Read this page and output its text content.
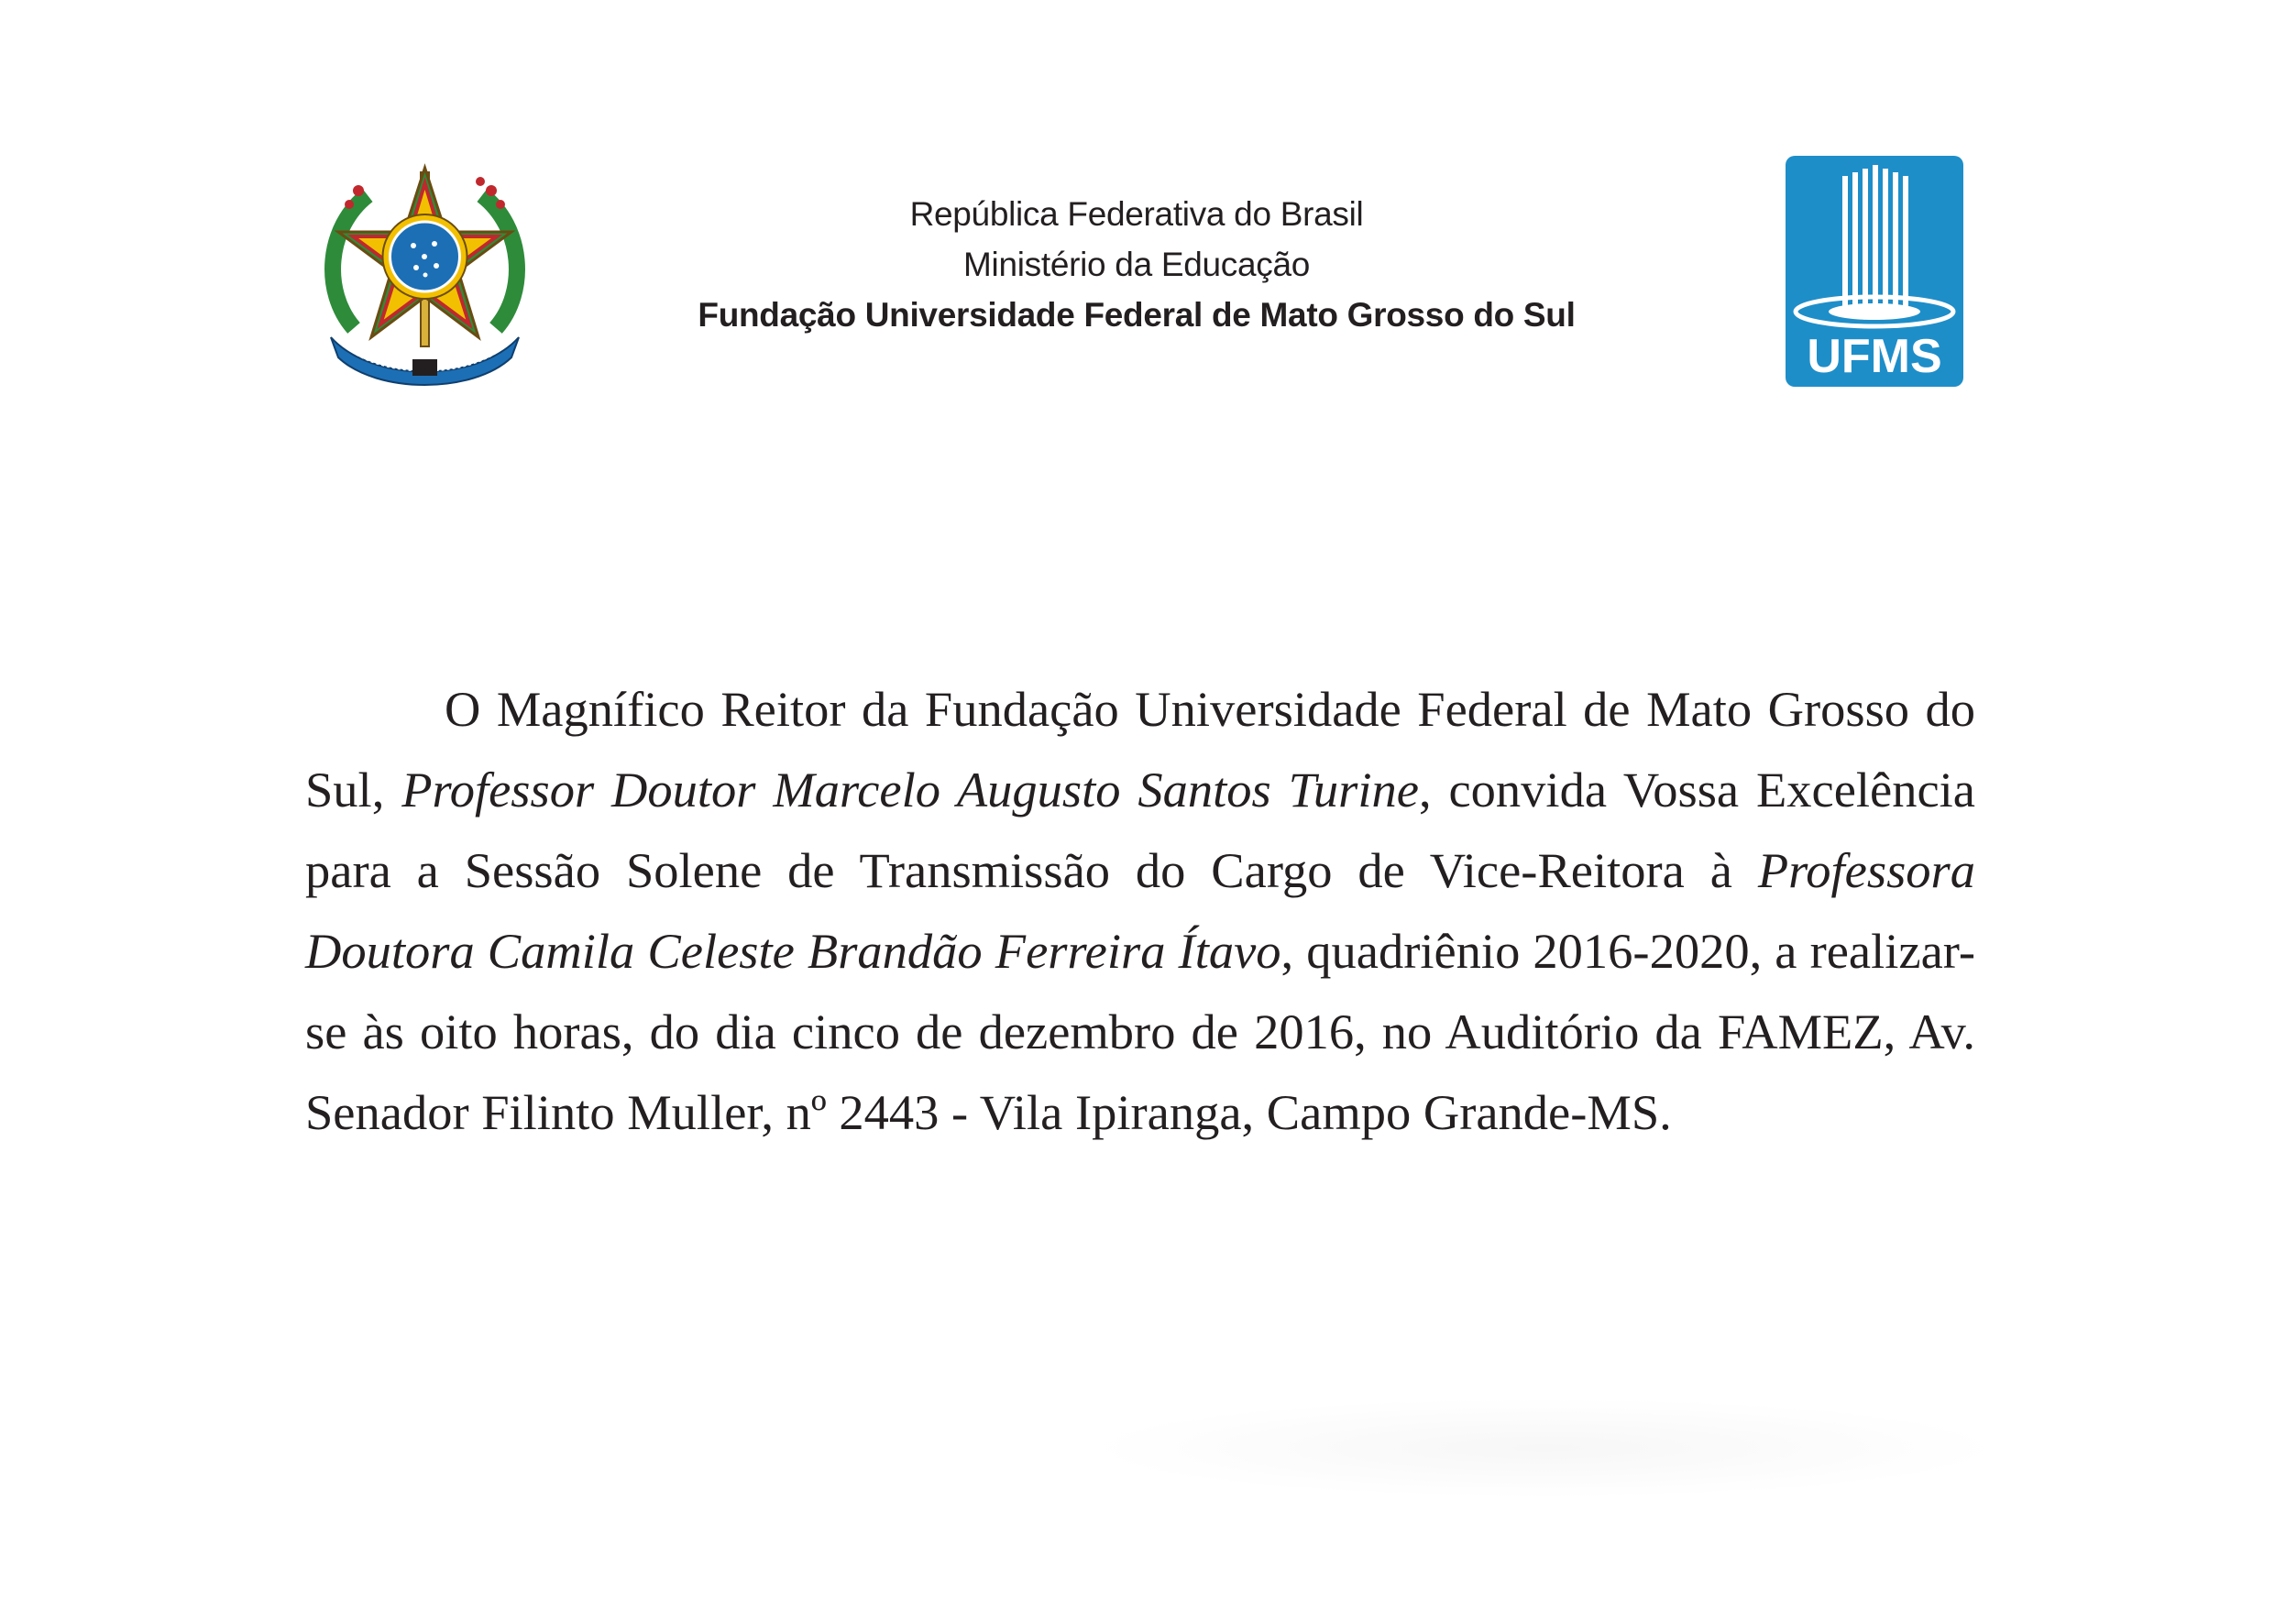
República Federativa do Brasil
Ministério da Educação
Fundação Universidade Federal de Mato Grosso do Sul
UFMS

O Magnífico Reitor da Fundação Universidade Federal de Mato Grosso do Sul, Professor Doutor Marcelo Augusto Santos Turine, convida Vossa Excelência para a Sessão Solene de Transmissão do Cargo de Vice-Reitora à Professora Doutora Camila Celeste Brandão Ferreira Ítavo, quadriênio 2016-2020, a realizar-se às oito horas, do dia cinco de dezembro de 2016, no Auditório da FAMEZ, Av. Senador Filinto Muller, nº 2443 - Vila Ipiranga, Campo Grande-MS.
